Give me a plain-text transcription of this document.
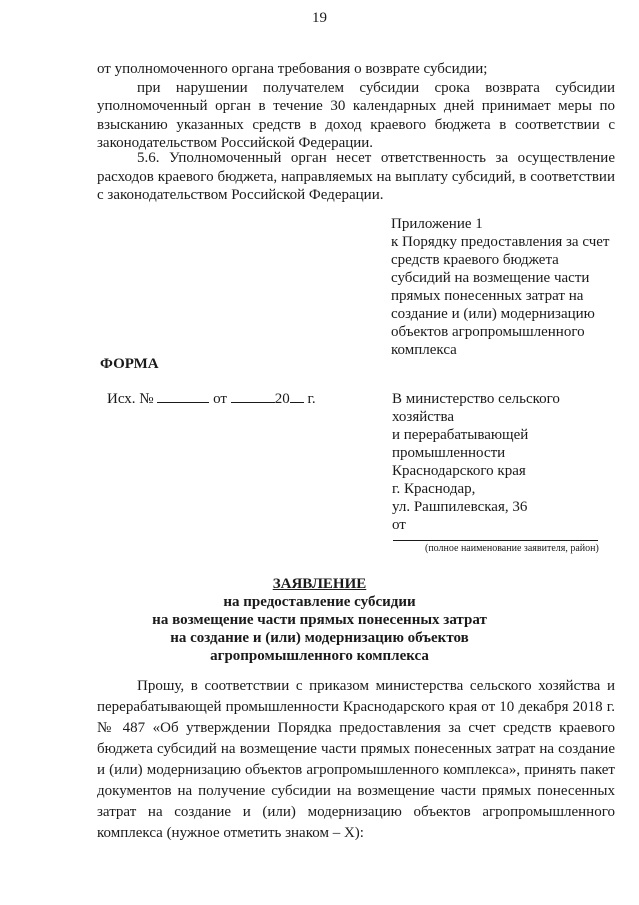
19

от уполномоченного органа требования о возврате субсидии;

при нарушении получателем субсидии срока возврата субсидии уполномоченный орган в течение 30 календарных дней принимает меры по взысканию указанных средств в доход краевого бюджета в соответствии с законодательством Российской Федерации.

5.6. Уполномоченный орган несет ответственность за осуществление расходов краевого бюджета, направляемых на выплату субсидий, в соответствии с законодательством Российской Федерации.

Приложение 1
к Порядку предоставления за счет
средств краевого бюджета
субсидий на возмещение части
прямых понесенных затрат на
создание и (или) модернизацию
объектов агропромышленного
комплекса
ФОРМА
Исх. №	от	20 г.	В министерство сельского
хозяйства
и перерабатывающей
промышленности
Краснодарского края
г. Краснодар,
ул. Рашпилевская, 36
от
(полное наименование заявителя, район)
ЗАЯВЛЕНИЕ
на предоставление субсидии
на возмещение части прямых понесенных затрат
на создание и (или) модернизацию объектов
агропромышленного комплекса

Прошу, в соответствии с приказом министерства сельского хозяйства и перерабатывающей промышленности Краснодарского края от 10 декабря 2018 г. № 487 «Об утверждении Порядка предоставления за счет средств краевого бюджета субсидий на возмещение части прямых понесенных затрат на создание и (или) модернизацию объектов агропромышленного комплекса», принять пакет документов на получение субсидии на возмещение части прямых понесенных затрат на создание и (или) модернизацию объектов агропромышленного комплекса (нужное отметить знаком – Х):
